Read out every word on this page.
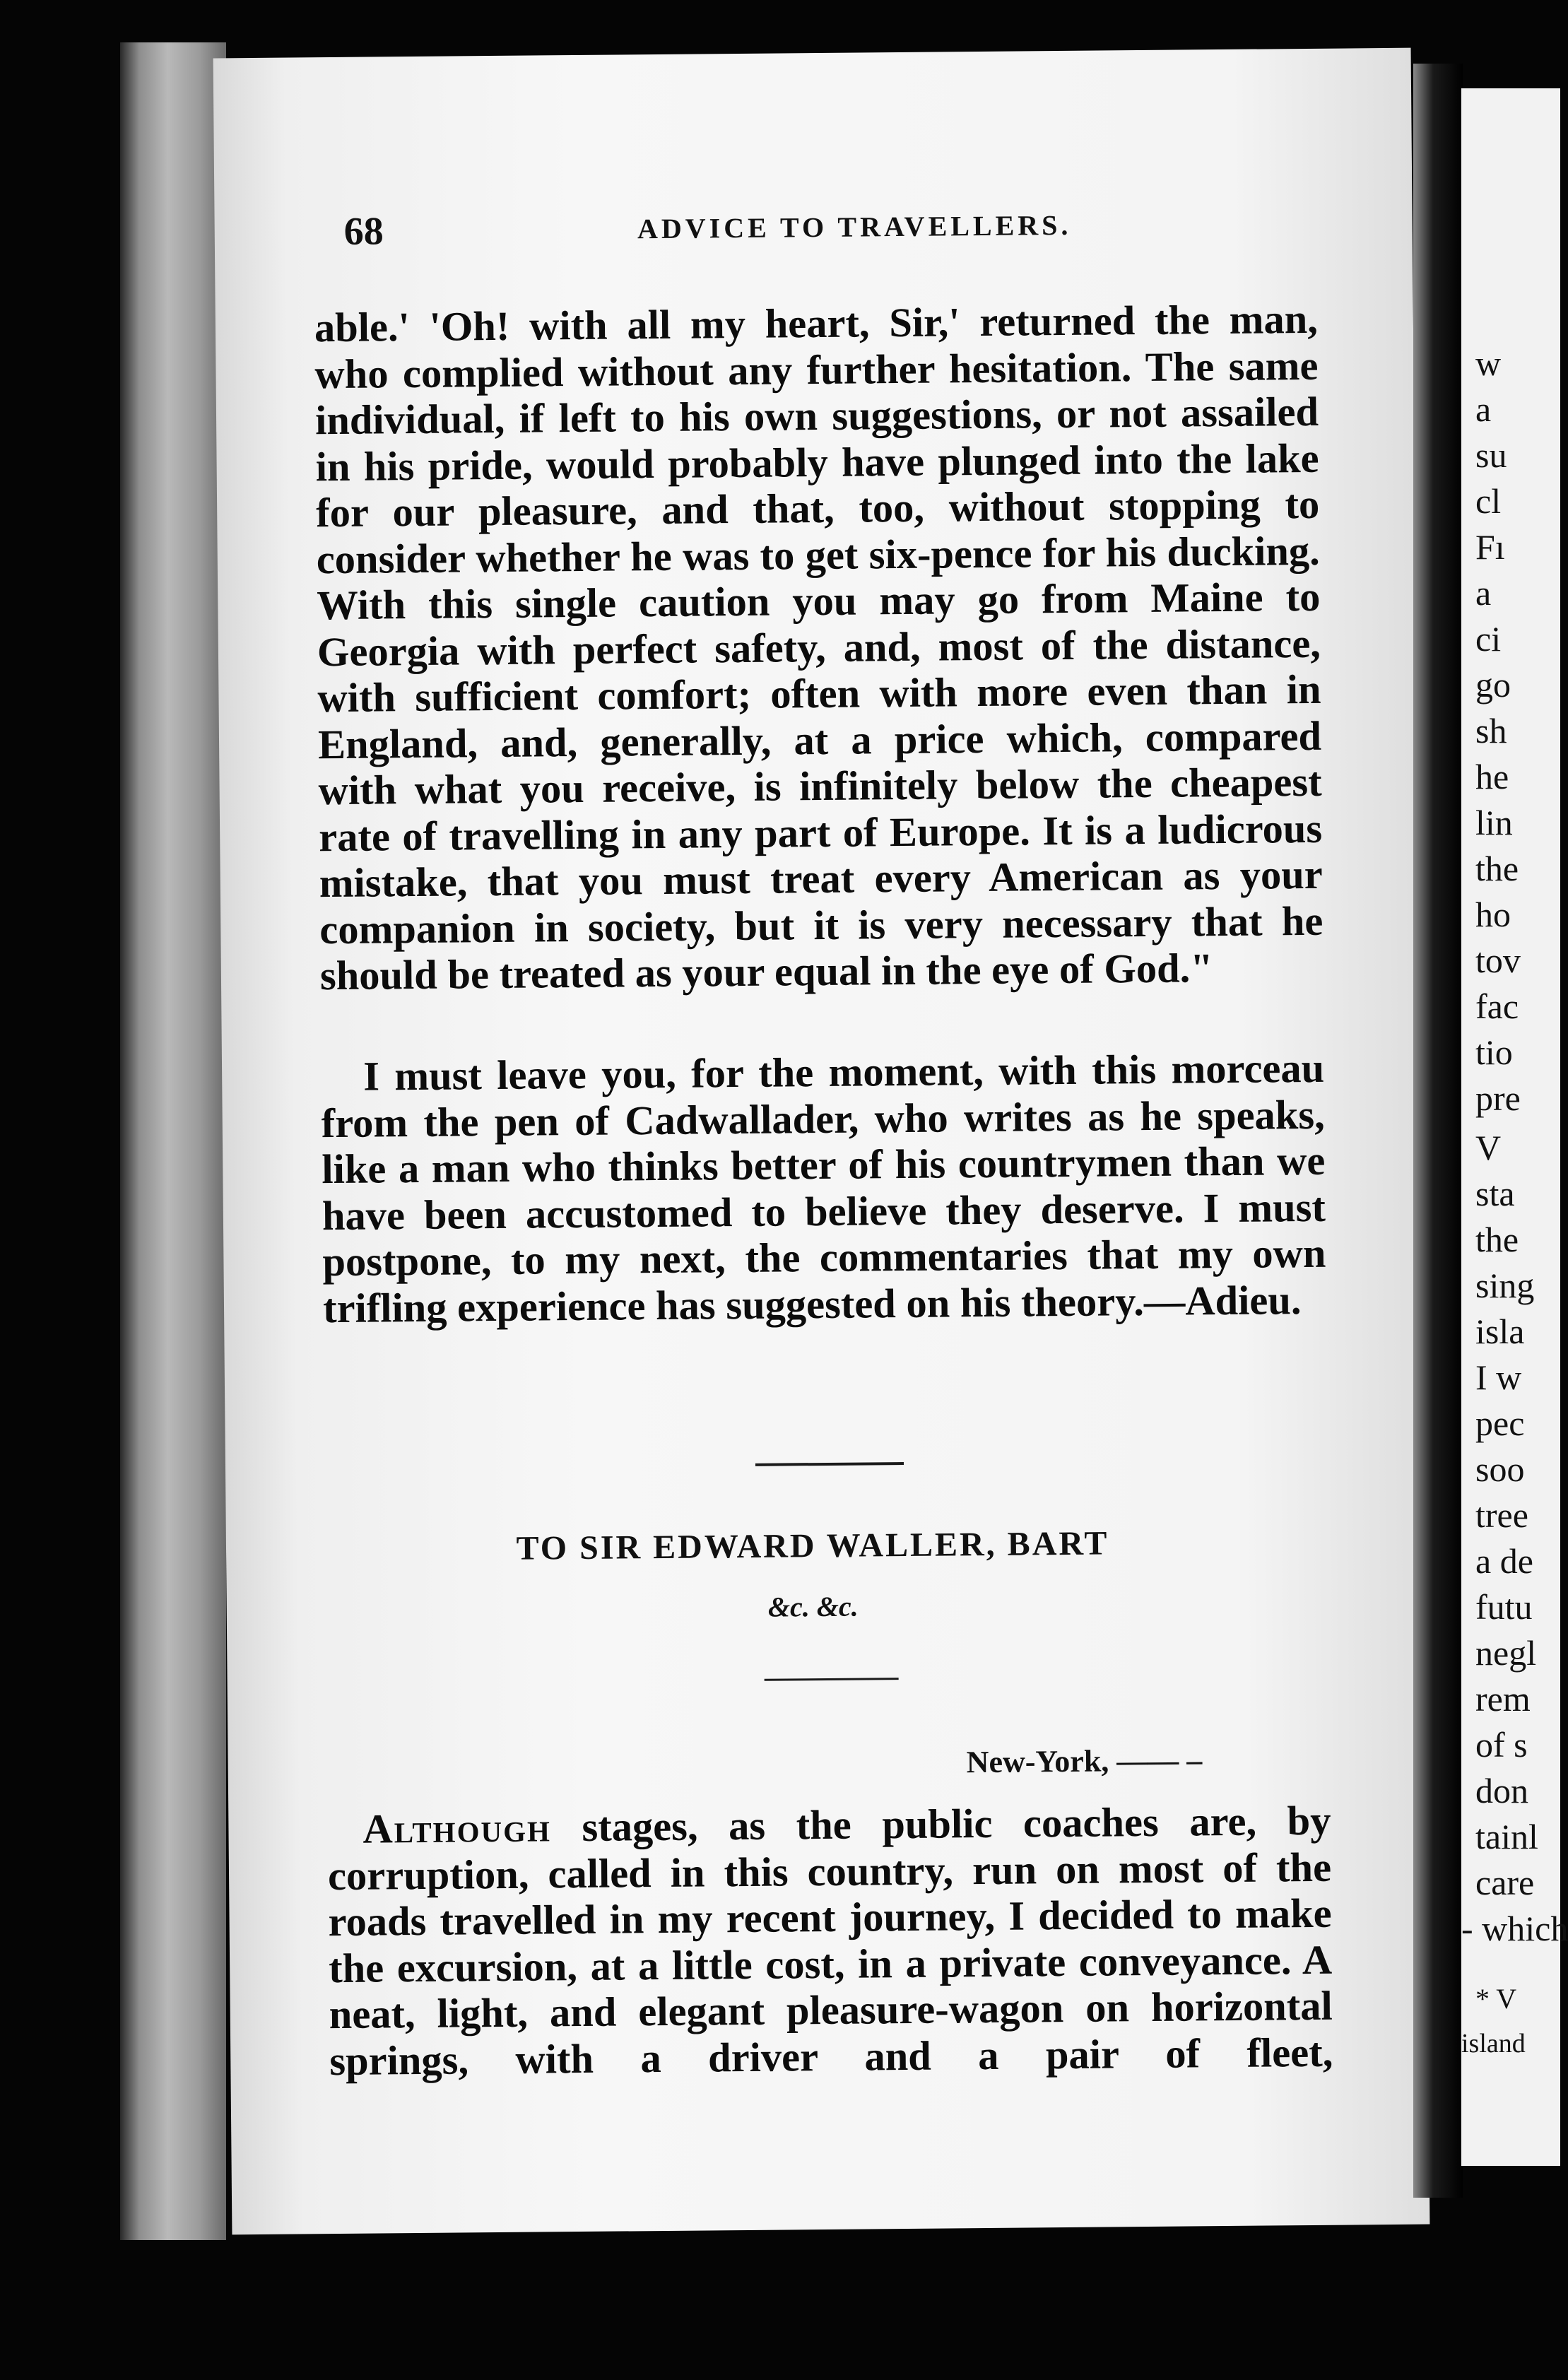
68	ADVICE TO TRAVELLERS.
able.' 'Oh! with all my heart, Sir,' returned the man, who complied without any further hesitation. The same individual, if left to his own suggestions, or not assailed in his pride, would probably have plunged into the lake for our pleasure, and that, too, without stopping to consider whether he was to get six-pence for his ducking. With this single caution you may go from Maine to Georgia with perfect safety, and, most of the distance, with sufficient comfort; often with more even than in England, and, generally, at a price which, compared with what you receive, is infinitely below the cheapest rate of travelling in any part of Europe. It is a ludicrous mistake, that you must treat every American as your companion in society, but it is very necessary that he should be treated as your equal in the eye of God."
I must leave you, for the moment, with this morceau from the pen of Cadwallader, who writes as he speaks, like a man who thinks better of his countrymen than we have been accustomed to believe they deserve. I must postpone, to my next, the commentaries that my own trifling experience has suggested on his theory.—Adieu.
TO SIR EDWARD WALLER, BART
&c. &c.
New-York, —— –
Although stages, as the public coaches are, by corruption, called in this country, run on most of the roads travelled in my recent journey, I decided to make the excursion, at a little cost, in a private conveyance. A neat, light, and elegant pleasure-wagon on horizontal springs, with a driver and a pair of fleet,
w
a
su
cl
Fı
a
ci
go
sh
he
lin
the
ho
tov
fac
tio
pre
V
sta
the
sing
isla
I w
pec
soo
tree
a de
futu
negl
rem
of s
don
tainl
care
- which
* V
island
